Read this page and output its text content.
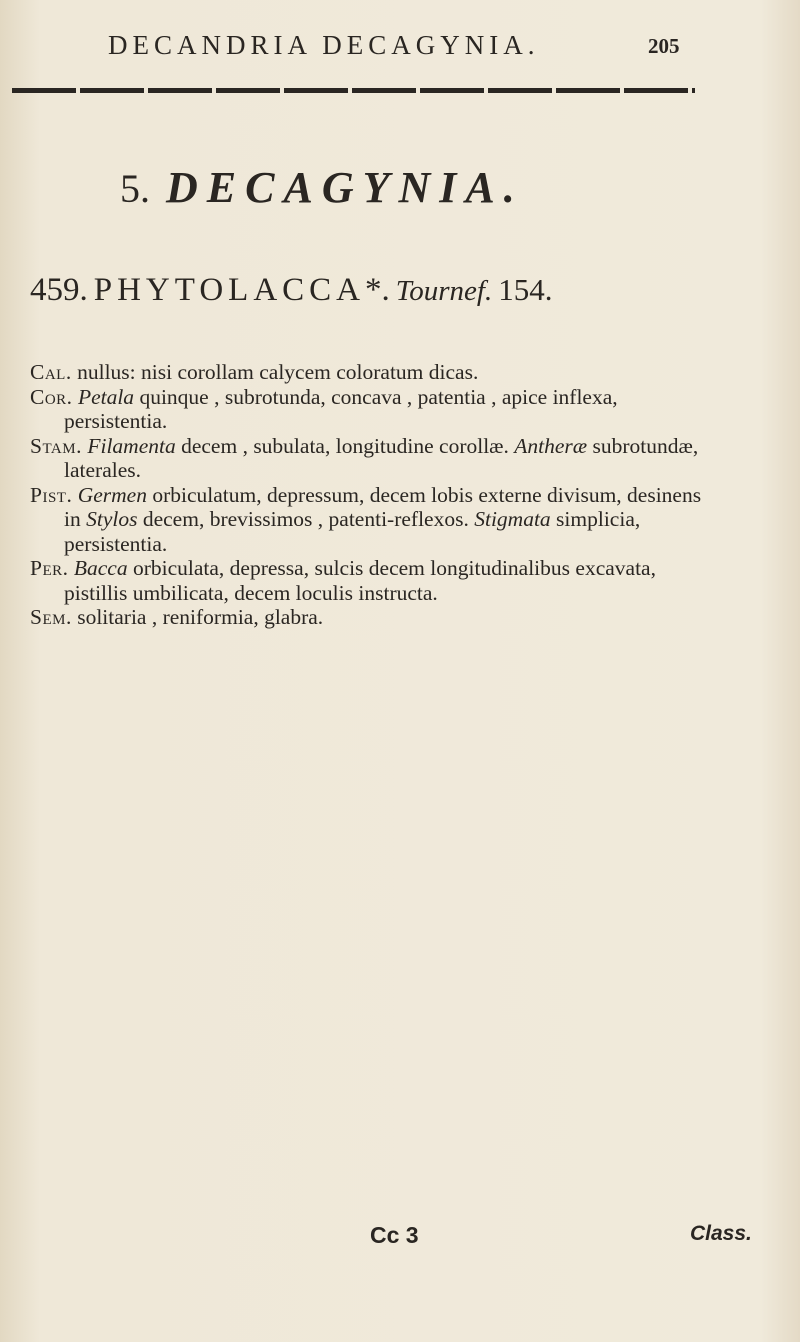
DECANDRIA DECAGYNIA.	205
5. DECAGYNIA.
459. PHYTOLACCA*. Tournef. 154.
Cal. nullus: nisi corollam calycem coloratum dicas.
Cor. Petala quinque , subrotunda, concava , patentia , apice inflexa, persistentia.
Stam. Filamenta decem , subulata, longitudine corollæ. Antheræ subrotundæ, laterales.
Pist. Germen orbiculatum, depressum, decem lobis externe divisum, desinens in Stylos decem, brevissimos , patenti-reflexos. Stigmata simplicia, persistentia.
Per. Bacca orbiculata, depressa, sulcis decem longitudinalibus excavata, pistillis umbilicata, decem loculis instructa.
Sem. solitaria , reniformia, glabra.
Cc 3	Class.
